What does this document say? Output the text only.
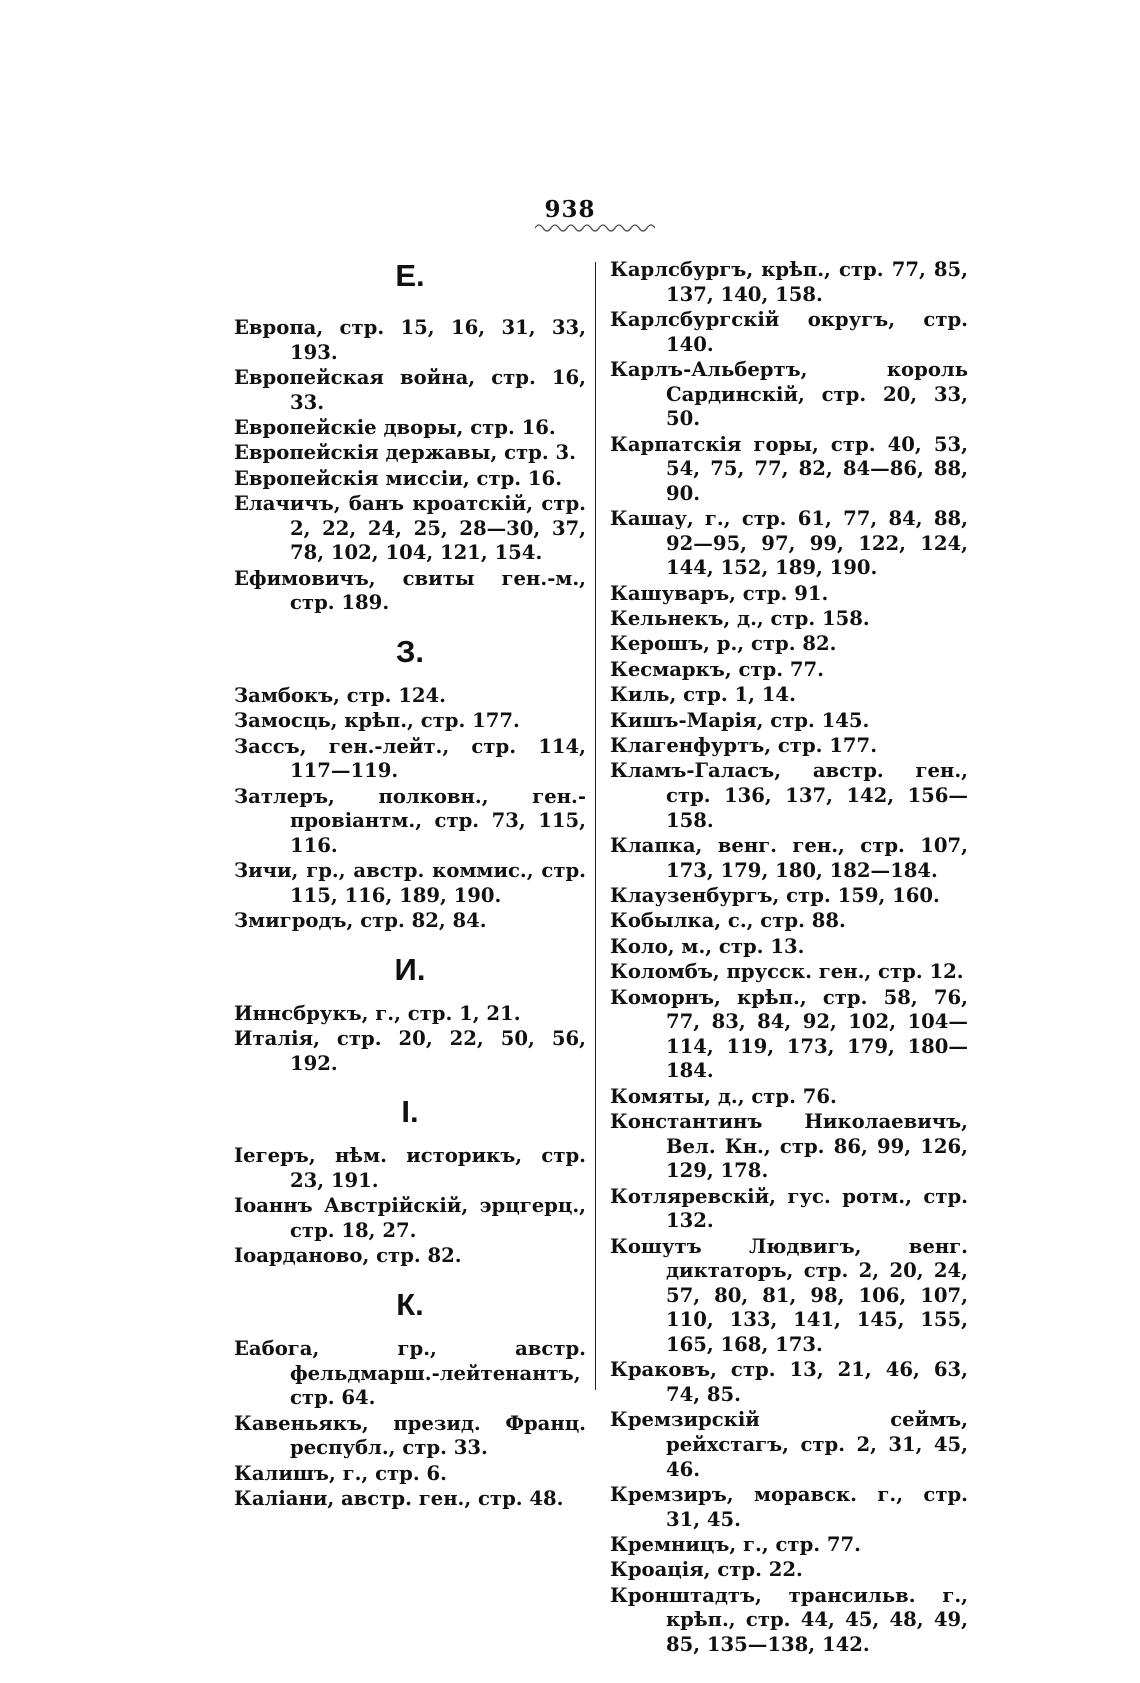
938
Е.
Европа, стр. 15, 16, 31, 33, 193.
Европейская война, стр. 16, 33.
Европейскіе дворы, стр. 16.
Европейскія державы, стр. 3.
Европейскія миссіи, стр. 16.
Елачичъ, банъ кроатскій, стр. 2, 22, 24, 25, 28—30, 37, 78, 102, 104, 121, 154.
Ефимовичъ, свиты ген.-м., стр. 189.
З.
Замбокъ, стр. 124.
Замосць, крѣп., стр. 177.
Зассъ, ген.-лейт., стр. 114, 117—119.
Затлеръ, полковн., ген.-провіантм., стр. 73, 115, 116.
Зичи, гр., австр. коммис., стр. 115, 116, 189, 190.
Змигродъ, стр. 82, 84.
И.
Иннсбрукъ, г., стр. 1, 21.
Италія, стр. 20, 22, 50, 56, 192.
І.
Іегеръ, нѣм. историкъ, стр. 23, 191.
Іоаннъ Австрійскій, эрцгерц., стр. 18, 27.
Іоарданово, стр. 82.
К.
Еабога, гр., австр. фельдмарш.-лейтенантъ, стр. 64.
Кавеньякъ, презид. Франц. республ., стр. 33.
Калишъ, г., стр. 6.
Каліани, австр. ген., стр. 48.
Карлсбургъ, крѣп., стр. 77, 85, 137, 140, 158.
Карлсбургскій округъ, стр. 140.
Карлъ-Альбертъ, король Сардинскій, стр. 20, 33, 50.
Карпатскія горы, стр. 40, 53, 54, 75, 77, 82, 84—86, 88, 90.
Кашау, г., стр. 61, 77, 84, 88, 92—95, 97, 99, 122, 124, 144, 152, 189, 190.
Кашуваръ, стр. 91.
Кельнекъ, д., стр. 158.
Керошъ, р., стр. 82.
Кесмаркъ, стр. 77.
Киль, стр. 1, 14.
Кишъ-Марія, стр. 145.
Клагенфуртъ, стр. 177.
Кламъ-Галасъ, австр. ген., стр. 136, 137, 142, 156—158.
Клапка, венг. ген., стр. 107, 173, 179, 180, 182—184.
Клаузенбургъ, стр. 159, 160.
Кобылка, с., стр. 88.
Коло, м., стр. 13.
Коломбъ, прусск. ген., стр. 12.
Коморнъ, крѣп., стр. 58, 76, 77, 83, 84, 92, 102, 104—114, 119, 173, 179, 180—184.
Комяты, д., стр. 76.
Константинъ Николаевичъ, Вел. Кн., стр. 86, 99, 126, 129, 178.
Котляревскій, гус. ротм., стр. 132.
Кошутъ Людвигъ, венг. диктаторъ, стр. 2, 20, 24, 57, 80, 81, 98, 106, 107, 110, 133, 141, 145, 155, 165, 168, 173.
Краковъ, стр. 13, 21, 46, 63, 74, 85.
Кремзирскій сеймъ, рейхстагъ, стр. 2, 31, 45, 46.
Кремзиръ, моравск. г., стр. 31, 45.
Кремницъ, г., стр. 77.
Кроація, стр. 22.
Кронштадтъ, трансильв. г., крѣп., стр. 44, 45, 48, 49, 85, 135—138, 142.
